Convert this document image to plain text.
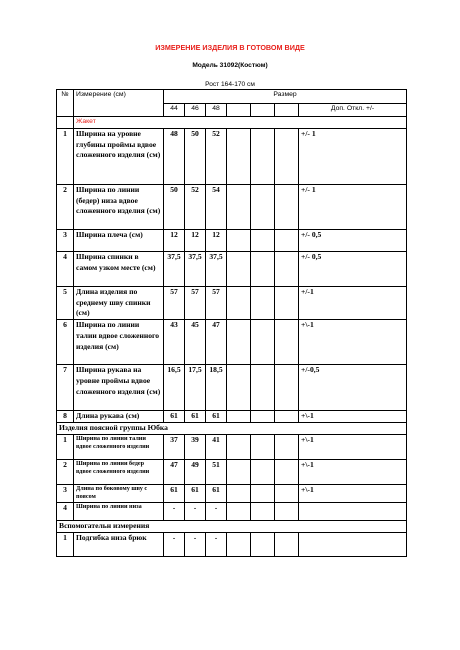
ИЗМЕРЕНИЕ ИЗДЕЛИЯ В ГОТОВОМ ВИДЕ
Модель 31092(Костюм)
Рост 164-170 см
№	Измерение (см)	Размер						
		44	46	48				Доп. Откл. +/-
	Жакет							
1	Ширина на уровне глубины проймы вдвое сложенного изделия (см)	48	50	52				+/- 1
2	Ширина по линии (бедер) низа вдвое сложенного изделия (см)	50	52	54				+/- 1
3	Ширина плеча (см)	12	12	12				+/- 0,5
4	Ширина спинки в самом узком месте (см)	37,5	37,5	37,5				+/- 0,5
5	Длина изделия по среднему шву спинки (см)	57	57	57				+/-1
6	Ширина по линии талии вдвое сложенного изделия (см)	43	45	47				+\-1
7	Ширина рукава на уровне проймы вдвое сложенного изделия (см)	16,5	17,5	18,5				+/-0,5
8	Длина рукава (см)	61	61	61				+\-1
Изделия поясной группы Юбка								
1	Ширина по линии талии вдвое сложенного изделии	37	39	41				+\-1
2	Ширина по линии бедер вдвое сложенного изделии	47	49	51				+\-1
3	Длина по боковому шву с поясом	61	61	61				+\-1
4	Ширина по линии низа	-	-	-				
Вспомогательн измерения								
1	Подгибка низа брюк	-	-	-				
